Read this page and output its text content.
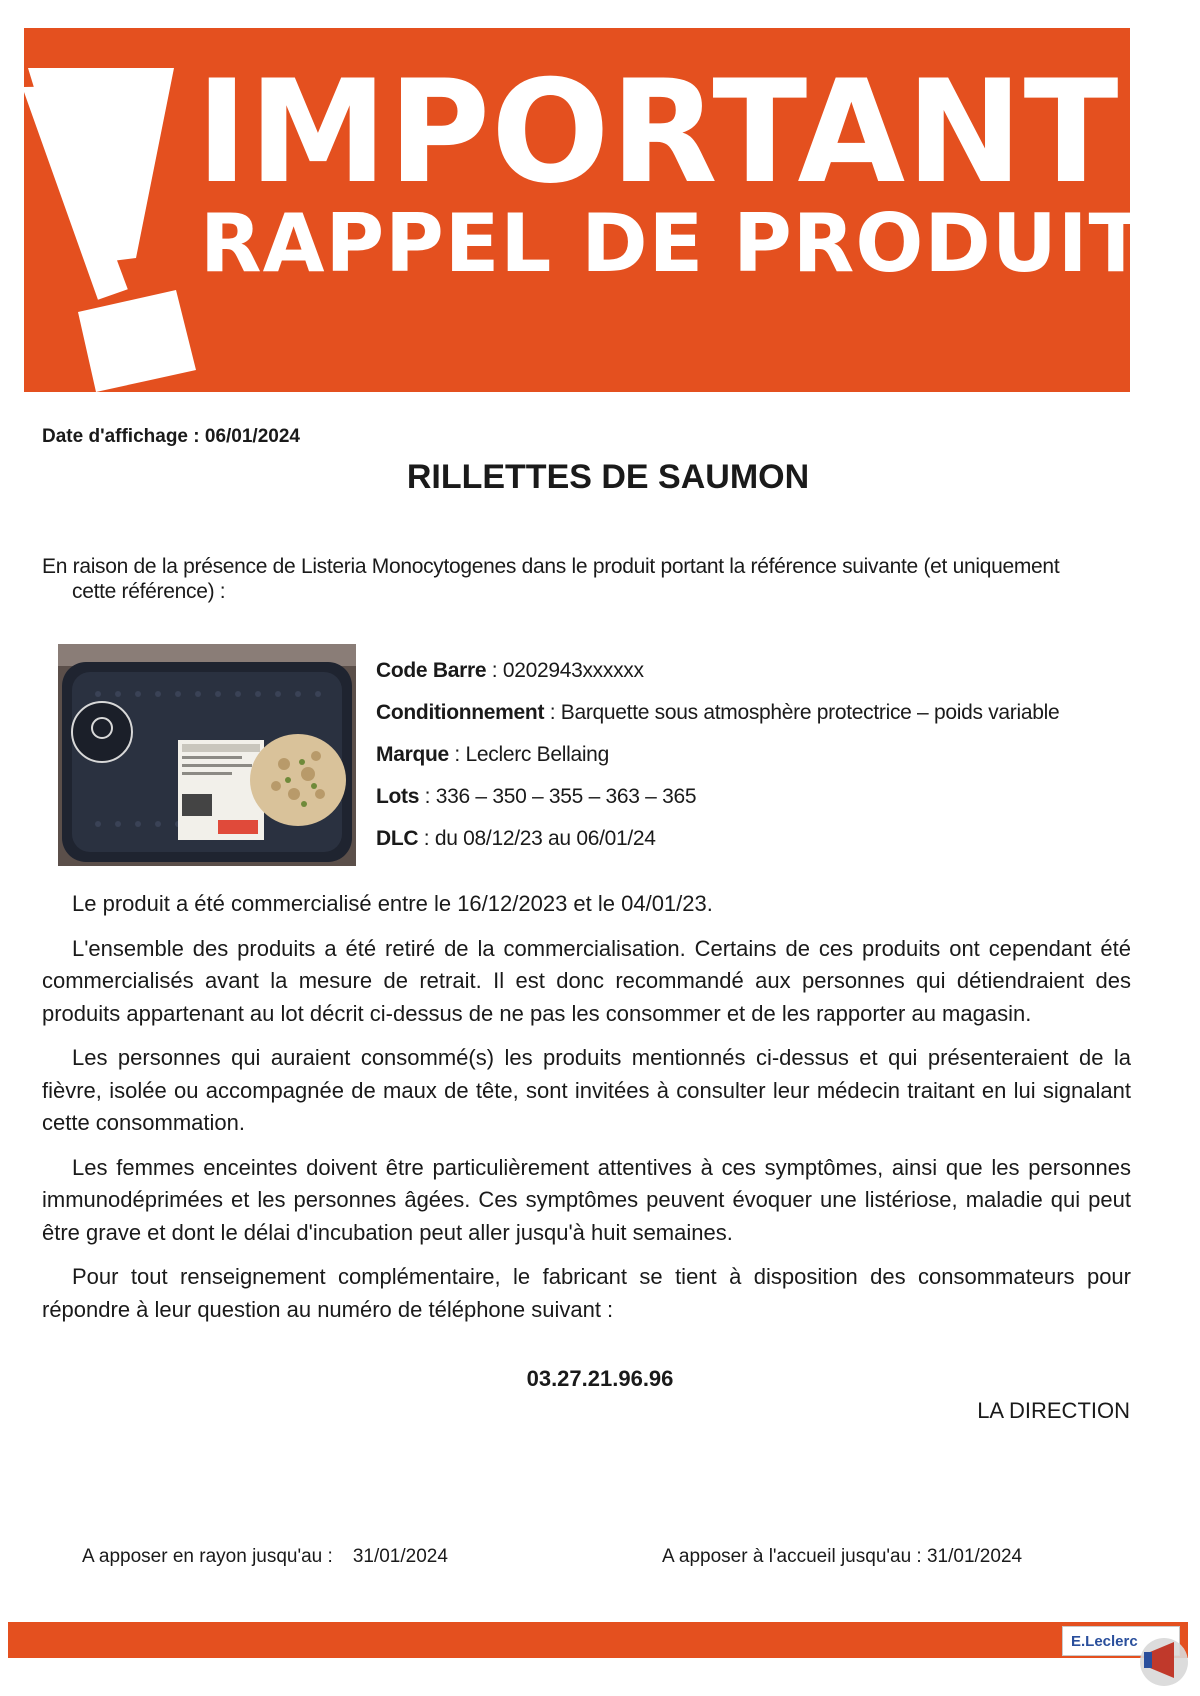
IMPORTANT
RAPPEL DE PRODUIT
Date d'affichage : 06/01/2024
RILLETTES DE SAUMON
En raison de la présence de Listeria Monocytogenes dans le produit portant la référence suivante (et uniquement
cette référence) :
Code Barre : 0202943xxxxxx
Conditionnement : Barquette sous atmosphère protectrice – poids variable
Marque : Leclerc Bellaing
Lots : 336 – 350 – 355 – 363 – 365
DLC : du 08/12/23 au 06/01/24

Le produit a été commercialisé entre le 16/12/2023 et le 04/01/23.

L'ensemble des produits a été retiré de la commercialisation. Certains de ces produits ont cependant été commercialisés avant la mesure de retrait. Il est donc recommandé aux personnes qui détiendraient des produits appartenant au lot décrit ci-dessus de ne pas les consommer et de les rapporter au magasin.

Les personnes qui auraient consommé(s) les produits mentionnés ci-dessus et qui présenteraient de la fièvre, isolée ou accompagnée de maux de tête, sont invitées à consulter leur médecin traitant en lui signalant cette consommation.

Les femmes enceintes doivent être particulièrement attentives à ces symptômes, ainsi que les personnes immunodéprimées et les personnes âgées. Ces symptômes peuvent évoquer une listériose, maladie qui peut être grave et dont le délai d'incubation peut aller jusqu'à huit semaines.

Pour tout renseignement complémentaire, le fabricant se tient à disposition des consommateurs pour répondre à leur question au numéro de téléphone suivant :

03.27.21.96.96
LA DIRECTION
A apposer en rayon jusqu'au : 31/01/2024	A apposer à l'accueil jusqu'au : 31/01/2024
E.Leclerc
